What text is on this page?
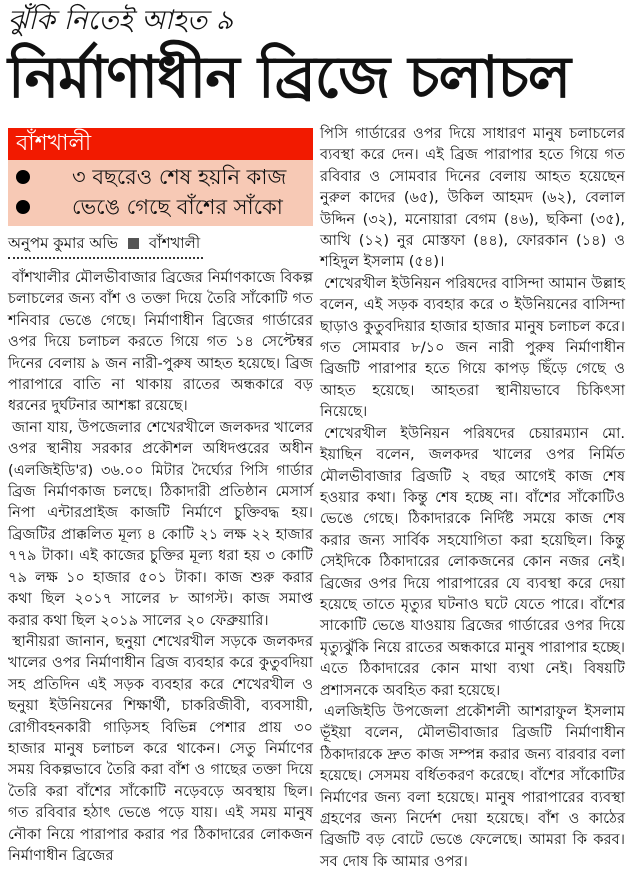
ঝুঁকি নিতেই আহত ৯
নির্মাণাধীন ব্রিজে চলাচল
বাঁশখালী
৩ বছরেও শেষ হয়নি কাজ
ভেঙে গেছে বাঁশের সাঁকো
অনুপম কুমার অভি বাঁশখালী

বাঁশখালীর মৌলভীবাজার ব্রিজের নির্মাণকাজে বিকল্প চলাচলের জন্য বাঁশ ও তক্তা দিয়ে তৈরি সাঁকোটি গত শনিবার ভেঙে গেছে। নির্মাণাধীন ব্রিজের গার্ডারের ওপর দিয়ে চলাচল করতে গিয়ে গত ১৪ সেপ্টেম্বর দিনের বেলায় ৯ জন নারী-পুরুষ আহত হয়েছে। ব্রিজ পারাপারে বাতি না থাকায় রাতের অন্ধকারে বড় ধরনের দুর্ঘটনার আশঙ্কা রয়েছে।

জানা যায়, উপজেলার শেখেরখীলে জলকদর খালের ওপর স্থানীয় সরকার প্রকৌশল অধিদপ্তরের অধীন (এলজিইডি'র) ৩৬.০০ মিটার দৈর্ঘ্যের পিসি গার্ডার ব্রিজ নির্মাণকাজ চলছে। ঠিকাদারী প্রতিষ্ঠান মেসার্স নিপা এন্টারপ্রাইজ কাজটি নির্মাণে চুক্তিবদ্ধ হয়। ব্রিজটির প্রাক্কলিত মূল্য ৪ কোটি ২১ লক্ষ ২২ হাজার ৭৭৯ টাকা। এই কাজের চুক্তির মূল্য ধরা হয় ৩ কোটি ৭৯ লক্ষ ১০ হাজার ৫০১ টাকা। কাজ শুরু করার কথা ছিল ২০১৭ সালের ৮ আগস্ট। কাজ সমাপ্ত করার কথা ছিল ২০১৯ সালের ২০ ফেব্রুয়ারি।

স্থানীয়রা জানান, ছনুয়া শেখেরখীল সড়কে জলকদর খালের ওপর নির্মাণাধীন ব্রিজ ব্যবহার করে কুতুবদিয়া সহ প্রতিদিন এই সড়ক ব্যবহার করে শেখেরখীল ও ছনুয়া ইউনিয়নের শিক্ষার্থী, চাকরিজীবী, ব্যবসায়ী, রোগীবহনকারী গাড়িসহ বিভিন্ন পেশার প্রায় ৩০ হাজার মানুষ চলাচল করে থাকেন। সেতু নির্মাণের সময় বিকল্পভাবে তৈরি করা বাঁশ ও গাছের তক্তা দিয়ে তৈরি করা বাঁশের সাঁকোটি নড়েবড়ে অবস্থায় ছিল। গত রবিবার হঠাৎ ভেঙে পড়ে যায়। এই সময় মানুষ নৌকা নিয়ে পারাপার করার পর ঠিকাদারের লোকজন নির্মাণাধীন ব্রিজের

পিসি গার্ডারের ওপর দিয়ে সাধারণ মানুষ চলাচলের ব্যবস্থা করে দেন। এই ব্রিজ পারাপার হতে গিয়ে গত রবিবার ও সোমবার দিনের বেলায় আহত হয়েছেন নুরুল কাদের (৬৫), উকিল আহমদ (৬২), বেলাল উদ্দিন (৩২), মনোয়ারা বেগম (৪৬), ছকিনা (৩৫), আখি (১২) নুর মোস্তফা (৪৪), ফোরকান (১৪) ও শহিদুল ইসলাম (৫৪)।

শেখেরখীল ইউনিয়ন পরিষদের বাসিন্দা আমান উল্লাহ বলেন, এই সড়ক ব্যবহার করে ৩ ইউনিয়নের বাসিন্দা ছাড়াও কুতুবদিয়ার হাজার হাজার মানুষ চলাচল করে। গত সোমবার ৮/১০ জন নারী পুরুষ নির্মাণাধীন ব্রিজটি পারাপার হতে গিয়ে কাপড় ছিঁড়ে গেছে ও আহত হয়েছে। আহতরা স্থানীয়ভাবে চিকিৎসা নিয়েছে।

শেখেরখীল ইউনিয়ন পরিষদের চেয়ারম্যান মো. ইয়াছিন বলেন, জলকদর খালের ওপর নির্মিত মৌলভীবাজার ব্রিজটি ২ বছর আগেই কাজ শেষ হওয়ার কথা। কিন্তু শেষ হচ্ছে না। বাঁশের সাঁকোটিও ভেঙে গেছে। ঠিকাদারকে নির্দিষ্ট সময়ে কাজ শেষ করার জন্য সার্বিক সহযোগিতা করা হয়েছিল। কিন্তু সেইদিকে ঠিকাদারের লোকজনের কোন নজর নেই। ব্রিজের ওপর দিয়ে পারাপারের যে ব্যবস্থা করে দেয়া হয়েছে তাতে মৃত্যুর ঘটনাও ঘটে যেতে পারে। বাঁশের সাকোটি ভেঙে যাওয়ায় ব্রিজের গার্ডারের ওপর দিয়ে মৃত্যুঝুঁকি নিয়ে রাতের অন্ধকারে মানুষ পারাপার হচ্ছে। এতে ঠিকাদারের কোন মাথা ব্যথা নেই। বিষয়টি প্রশাসনকে অবহিত করা হয়েছে।

এলজিইডি উপজেলা প্রকৌশলী আশরাফুল ইসলাম ভূঁইয়া বলেন, মৌলভীবাজার ব্রিজটি নির্মাণাধীন ঠিকাদারকে দ্রুত কাজ সম্পন্ন করার জন্য বারবার বলা হয়েছে। সেসময় বর্ধিতকরণ করেছে। বাঁশের সাঁকোটির নির্মাণের জন্য বলা হয়েছে। মানুষ পারাপারের ব্যবস্থা গ্রহণের জন্য নির্দেশ দেয়া হয়েছে। বাঁশ ও কাঠের ব্রিজটি বড় বোটে ভেঙে ফেলেছে। আমরা কি করব। সব দোষ কি আমার ওপর।
